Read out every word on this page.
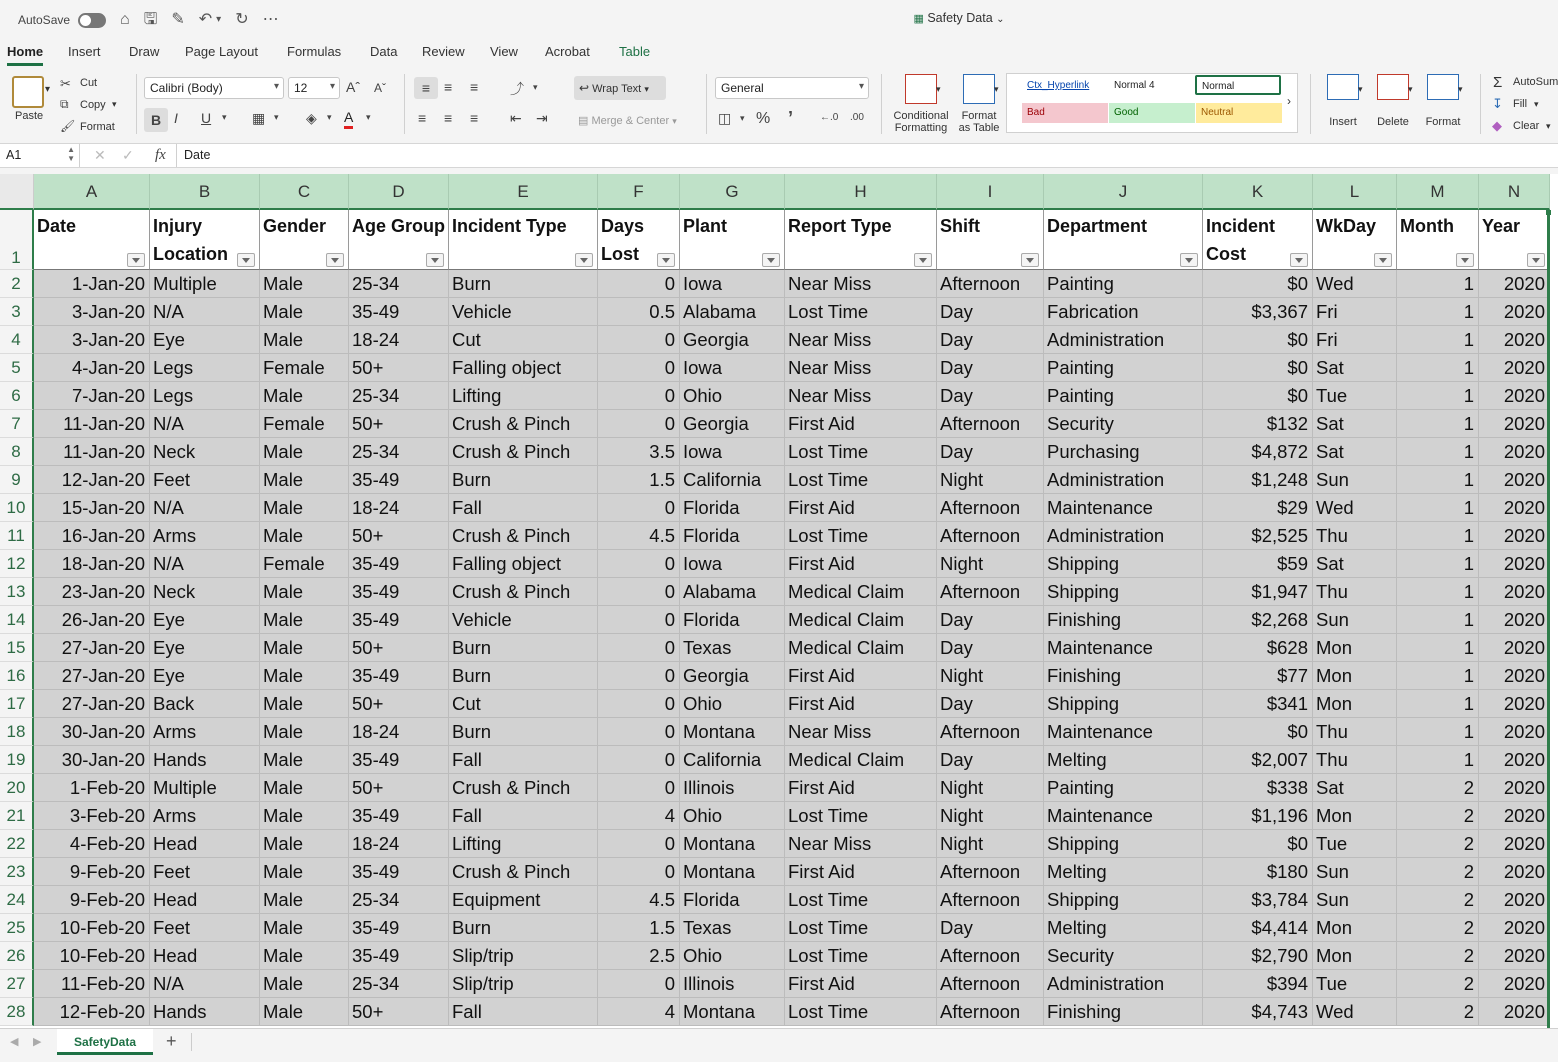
AutoSave	⌂ 🖫 ✎ ↶ ▾ ↻ ⋯	▦ Safety Data ⌄
Home Insert Draw Page Layout Formulas Data Review View Acrobat Table
▾
Paste
✂ Cut
⧉ Copy ▾
🖌 Format
Calibri (Body)	▾	12 ▾ Aˆ Aˇ
B I U ▾ ▦ ▾ ◈ ▾ A ▾
≡ ≡ ≡ ⤴ ▾
≡ ≡ ≡ ⇤ ⇥
↩ Wrap Text ▾
▤ Merge & Center ▾
General	▾
◫ ▾ % ’	←.0 .00	Conditional
Formatting
▾
Format
as Table
▾	Ctx_Hyperlink	Normal 4	Normal
Bad	Good	Neutral
›
Insert
▾
Delete
▾
Format
▾ Σ AutoSum
↧ Fill ▾
◆ Clear ▾
A1	▲
▼ ✕ ✓ fx Date
A	B	C	D	E	F	G	H	I	J	K	L	M	N
1
2
3
4
5
6
7
8
9
10
11
12
13
14
15
16
17
18
19
20
21
22
23
24
25
26
27
28
Date	Injury
Location
Gender	Age Group Incident Type	Days
Lost
Plant	Report Type	Shift	Department	Incident
Cost
WkDay	Month	Year
1-Jan-20 Multiple	Male	25-34	Burn	0 Iowa	Near Miss	Afternoon	Painting	$0 Wed	1	2020
3-Jan-20 N/A	Male	35-49	Vehicle	0.5 Alabama	Lost Time	Day	Fabrication	$3,367 Fri	1	2020
3-Jan-20 Eye	Male	18-24	Cut	0 Georgia	Near Miss	Day	Administration	$0 Fri	1	2020
4-Jan-20 Legs	Female	50+	Falling object	0 Iowa	Near Miss	Day	Painting	$0 Sat	1	2020
7-Jan-20 Legs	Male	25-34	Lifting	0 Ohio	Near Miss	Day	Painting	$0 Tue	1	2020
11-Jan-20 N/A	Female	50+	Crush & Pinch	0 Georgia	First Aid	Afternoon	Security	$132 Sat	1	2020
11-Jan-20 Neck	Male	25-34	Crush & Pinch	3.5 Iowa	Lost Time	Day	Purchasing	$4,872 Sat	1	2020
12-Jan-20 Feet	Male	35-49	Burn	1.5 California	Lost Time	Night	Administration	$1,248 Sun	1	2020
15-Jan-20 N/A	Male	18-24	Fall	0 Florida	First Aid	Afternoon	Maintenance	$29 Wed	1	2020
16-Jan-20 Arms	Male	50+	Crush & Pinch	4.5 Florida	Lost Time	Afternoon	Administration	$2,525 Thu	1	2020
18-Jan-20 N/A	Female	35-49	Falling object	0 Iowa	First Aid	Night	Shipping	$59 Sat	1	2020
23-Jan-20 Neck	Male	35-49	Crush & Pinch	0 Alabama	Medical Claim	Afternoon	Shipping	$1,947 Thu	1	2020
26-Jan-20 Eye	Male	35-49	Vehicle	0 Florida	Medical Claim	Day	Finishing	$2,268 Sun	1	2020
27-Jan-20 Eye	Male	50+	Burn	0 Texas	Medical Claim	Day	Maintenance	$628 Mon	1	2020
27-Jan-20 Eye	Male	35-49	Burn	0 Georgia	First Aid	Night	Finishing	$77 Mon	1	2020
27-Jan-20 Back	Male	50+	Cut	0 Ohio	First Aid	Day	Shipping	$341 Mon	1	2020
30-Jan-20 Arms	Male	18-24	Burn	0 Montana	Near Miss	Afternoon	Maintenance	$0 Thu	1	2020
30-Jan-20 Hands	Male	35-49	Fall	0 California	Medical Claim	Day	Melting	$2,007 Thu	1	2020
1-Feb-20 Multiple	Male	50+	Crush & Pinch	0 Illinois	First Aid	Night	Painting	$338 Sat	2	2020
3-Feb-20 Arms	Male	35-49	Fall	4 Ohio	Lost Time	Night	Maintenance	$1,196 Mon	2	2020
4-Feb-20 Head	Male	18-24	Lifting	0 Montana	Near Miss	Night	Shipping	$0 Tue	2	2020
9-Feb-20 Feet	Male	35-49	Crush & Pinch	0 Montana	First Aid	Afternoon	Melting	$180 Sun	2	2020
9-Feb-20 Head	Male	25-34	Equipment	4.5 Florida	Lost Time	Afternoon	Shipping	$3,784 Sun	2	2020
10-Feb-20 Feet	Male	35-49	Burn	1.5 Texas	Lost Time	Day	Melting	$4,414 Mon	2	2020
10-Feb-20 Head	Male	35-49	Slip/trip	2.5 Ohio	Lost Time	Afternoon	Security	$2,790 Mon	2	2020
11-Feb-20 N/A	Male	25-34	Slip/trip	0 Illinois	First Aid	Afternoon	Administration	$394 Tue	2	2020
12-Feb-20 Hands	Male	50+	Fall	4 Montana	Lost Time	Afternoon	Finishing	$4,743 Wed	2	2020
◀ ▶	SafetyData	+
